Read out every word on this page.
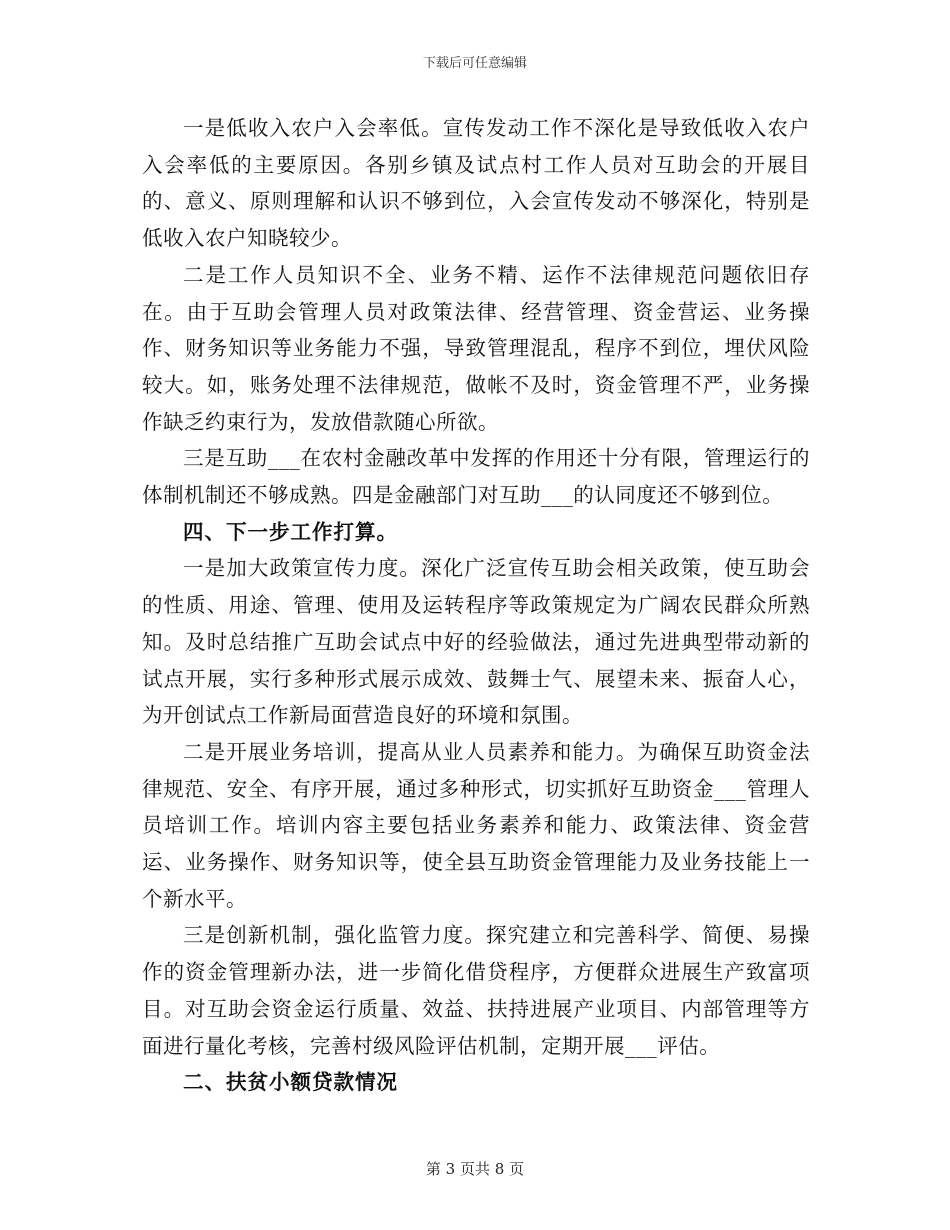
下载后可任意编辑

一是低收入农户入会率低。宣传发动工作不深化是导致低收入农户入会率低的主要原因。各别乡镇及试点村工作人员对互助会的开展目的、意义、原则理解和认识不够到位，入会宣传发动不够深化，特别是低收入农户知晓较少。

二是工作人员知识不全、业务不精、运作不法律规范问题依旧存在。由于互助会管理人员对政策法律、经营管理、资金营运、业务操作、财务知识等业务能力不强，导致管理混乱，程序不到位，埋伏风险较大。如，账务处理不法律规范，做帐不及时，资金管理不严，业务操作缺乏约束行为，发放借款随心所欲。

三是互助___在农村金融改革中发挥的作用还十分有限，管理运行的体制机制还不够成熟。四是金融部门对互助___的认同度还不够到位。

四、下一步工作打算。

一是加大政策宣传力度。深化广泛宣传互助会相关政策，使互助会的性质、用途、管理、使用及运转程序等政策规定为广阔农民群众所熟知。及时总结推广互助会试点中好的经验做法，通过先进典型带动新的试点开展，实行多种形式展示成效、鼓舞士气、展望未来、振奋人心，为开创试点工作新局面营造良好的环境和氛围。

二是开展业务培训，提高从业人员素养和能力。为确保互助资金法律规范、安全、有序开展，通过多种形式，切实抓好互助资金___管理人员培训工作。培训内容主要包括业务素养和能力、政策法律、资金营运、业务操作、财务知识等，使全县互助资金管理能力及业务技能上一个新水平。

三是创新机制，强化监管力度。探究建立和完善科学、简便、易操作的资金管理新办法，进一步简化借贷程序，方便群众进展生产致富项目。对互助会资金运行质量、效益、扶持进展产业项目、内部管理等方面进行量化考核，完善村级风险评估机制，定期开展___评估。

二、扶贫小额贷款情况

第 3 页共 8 页
